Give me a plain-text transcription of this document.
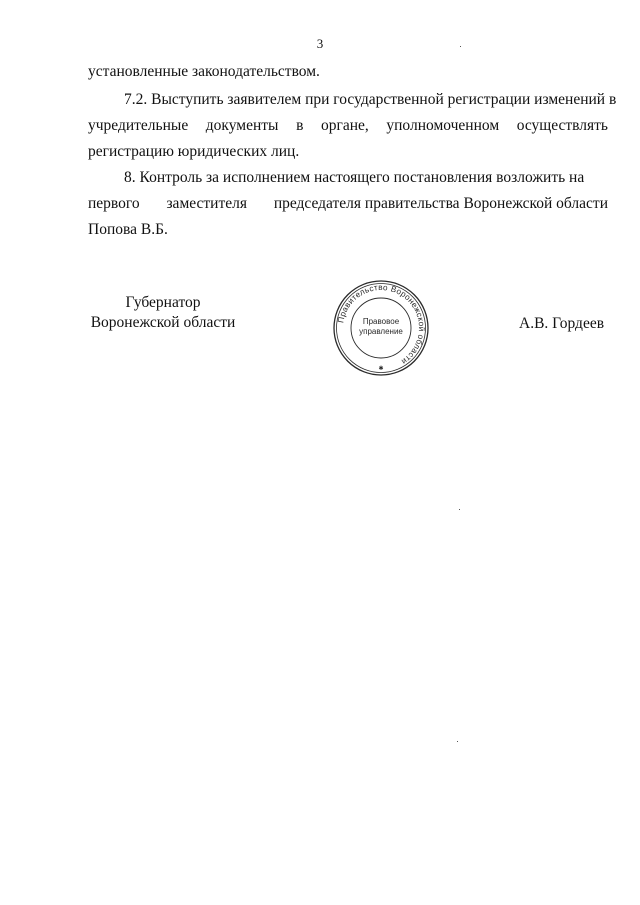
3
установленные законодательством.
7.2. Выступить заявителем при государственной регистрации изменений в
учредительные документы в органе, уполномоченном осуществлять
регистрацию юридических лиц.
8. Контроль за исполнением настоящего постановления возложить на
первого заместителя председателя правительства Воронежской области
Попова В.Б.
Губернатор
Воронежской области	А.В. Гордеев
Правительство Воронежской области
Правовое
управление
✱
